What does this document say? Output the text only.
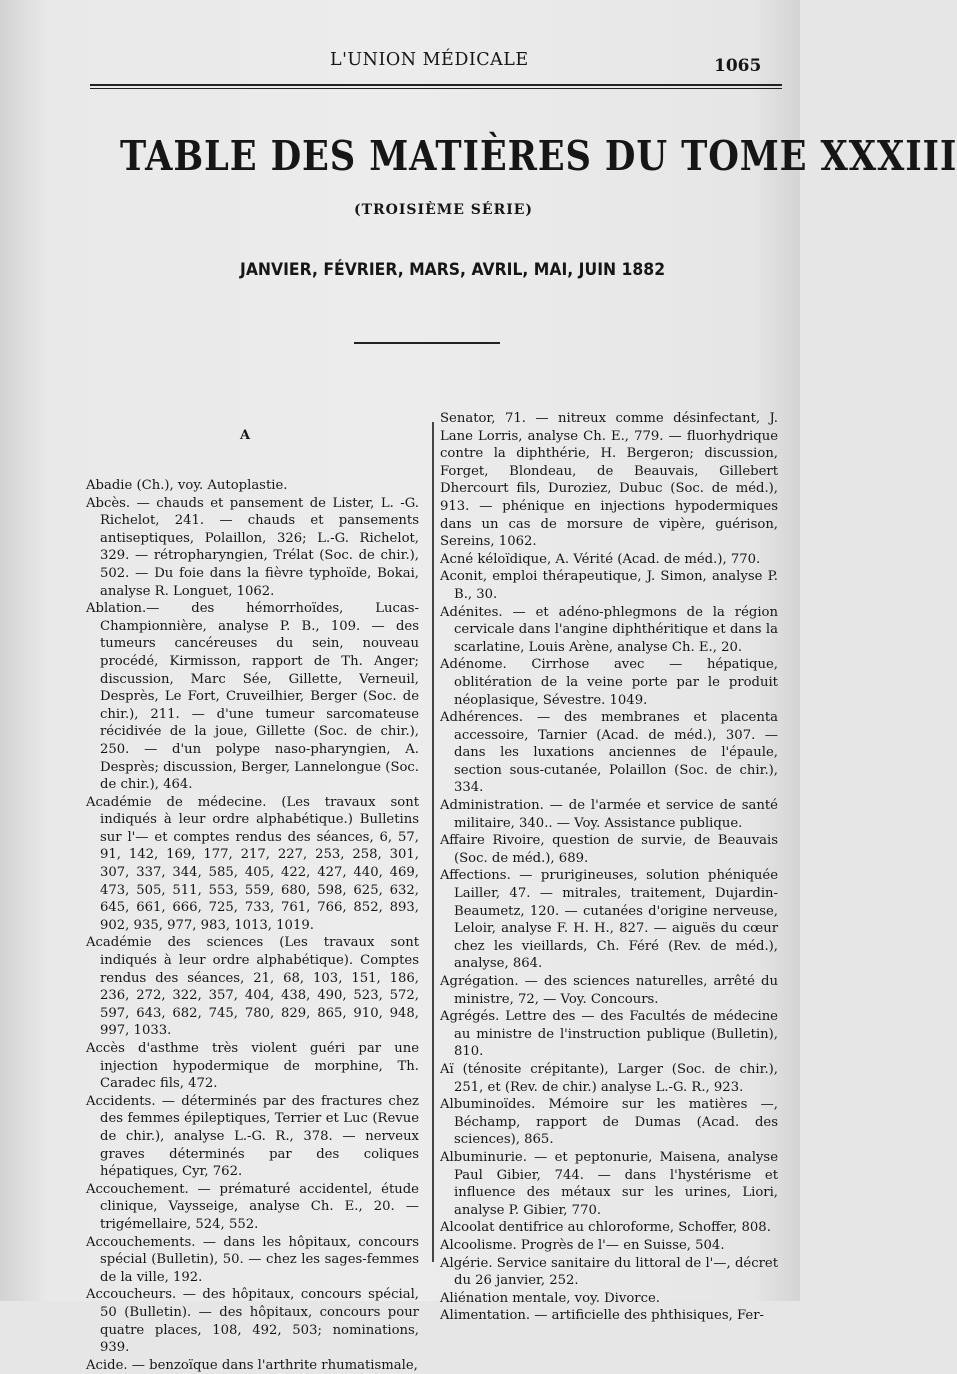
L'UNION MÉDICALE	1065
TABLE DES MATIÈRES DU TOME XXXIII
(TROISIÈME SÉRIE)
JANVIER, FÉVRIER, MARS, AVRIL, MAI, JUIN 1882
A

Abadie (Ch.), voy. Autoplastie.

Abcès. — chauds et pansement de Lister, L. -G. Richelot, 241. — chauds et pansements antiseptiques, Polaillon, 326; L.-G. Richelot, 329. — rétropharyngien, Trélat (Soc. de chir.), 502. — Du foie dans la fièvre typhoïde, Bokai, analyse R. Longuet, 1062.

Ablation.— des hémorrhoïdes, Lucas-Championnière, analyse P. B., 109. — des tumeurs cancéreuses du sein, nouveau procédé, Kirmisson, rapport de Th. Anger; discussion, Marc Sée, Gillette, Verneuil, Desprès, Le Fort, Cruveilhier, Berger (Soc. de chir.), 211. — d'une tumeur sarcomateuse récidivée de la joue, Gillette (Soc. de chir.), 250. — d'un polype naso-pharyngien, A. Desprès; discussion, Berger, Lannelongue (Soc. de chir.), 464.

Académie de médecine. (Les travaux sont indiqués à leur ordre alphabétique.) Bulletins sur l'— et comptes rendus des séances, 6, 57, 91, 142, 169, 177, 217, 227, 253, 258, 301, 307, 337, 344, 585, 405, 422, 427, 440, 469, 473, 505, 511, 553, 559, 680, 598, 625, 632, 645, 661, 666, 725, 733, 761, 766, 852, 893, 902, 935, 977, 983, 1013, 1019.

Académie des sciences (Les travaux sont indiqués à leur ordre alphabétique). Comptes rendus des séances, 21, 68, 103, 151, 186, 236, 272, 322, 357, 404, 438, 490, 523, 572, 597, 643, 682, 745, 780, 829, 865, 910, 948, 997, 1033.

Accès d'asthme très violent guéri par une injection hypodermique de morphine, Th. Caradec fils, 472.

Accidents. — déterminés par des fractures chez des femmes épileptiques, Terrier et Luc (Revue de chir.), analyse L.-G. R., 378. — nerveux graves déterminés par des coliques hépatiques, Cyr, 762.

Accouchement. — prématuré accidentel, étude clinique, Vaysseige, analyse Ch. E., 20. — trigémellaire, 524, 552.

Accouchements. — dans les hôpitaux, concours spécial (Bulletin), 50. — chez les sages-femmes de la ville, 192.

Accoucheurs. — des hôpitaux, concours spécial, 50 (Bulletin). — des hôpitaux, concours pour quatre places, 108, 492, 503; nominations, 939.

Acide. — benzoïque dans l'arthrite rhumatismale,

Senator, 71. — nitreux comme désinfectant, J. Lane Lorris, analyse Ch. E., 779. — fluorhydrique contre la diphthérie, H. Bergeron; discussion, Forget, Blondeau, de Beauvais, Gillebert Dhercourt fils, Duroziez, Dubuc (Soc. de méd.), 913. — phénique en injections hypodermiques dans un cas de morsure de vipère, guérison, Sereins, 1062.

Acné kéloïdique, A. Vérité (Acad. de méd.), 770.

Aconit, emploi thérapeutique, J. Simon, analyse P. B., 30.

Adénites. — et adéno-phlegmons de la région cervicale dans l'angine diphthéritique et dans la scarlatine, Louis Arène, analyse Ch. E., 20.

Adénome. Cirrhose avec — hépatique, oblitération de la veine porte par le produit néoplasique, Sévestre. 1049.

Adhérences. — des membranes et placenta accessoire, Tarnier (Acad. de méd.), 307. — dans les luxations anciennes de l'épaule, section sous-cutanée, Polaillon (Soc. de chir.), 334.

Administration. — de l'armée et service de santé militaire, 340.. — Voy. Assistance publique.

Affaire Rivoire, question de survie, de Beauvais (Soc. de méd.), 689.

Affections. — prurigineuses, solution phéniquée Lailler, 47. — mitrales, traitement, Dujardin-Beaumetz, 120. — cutanées d'origine nerveuse, Leloir, analyse F. H. H., 827. — aiguës du cœur chez les vieillards, Ch. Féré (Rev. de méd.), analyse, 864.

Agrégation. — des sciences naturelles, arrêté du ministre, 72, — Voy. Concours.

Agrégés. Lettre des — des Facultés de médecine au ministre de l'instruction publique (Bulletin), 810.

Aï (ténosite crépitante), Larger (Soc. de chir.), 251, et (Rev. de chir.) analyse L.-G. R., 923.

Albuminoïdes. Mémoire sur les matières —, Béchamp, rapport de Dumas (Acad. des sciences), 865.

Albuminurie. — et peptonurie, Maisena, analyse Paul Gibier, 744. — dans l'hystérisme et influence des métaux sur les urines, Liori, analyse P. Gibier, 770.

Alcoolat dentifrice au chloroforme, Schoffer, 808.

Alcoolisme. Progrès de l'— en Suisse, 504.

Algérie. Service sanitaire du littoral de l'—, décret du 26 janvier, 252.

Aliénation mentale, voy. Divorce.

Alimentation. — artificielle des phthisiques, Fer-
